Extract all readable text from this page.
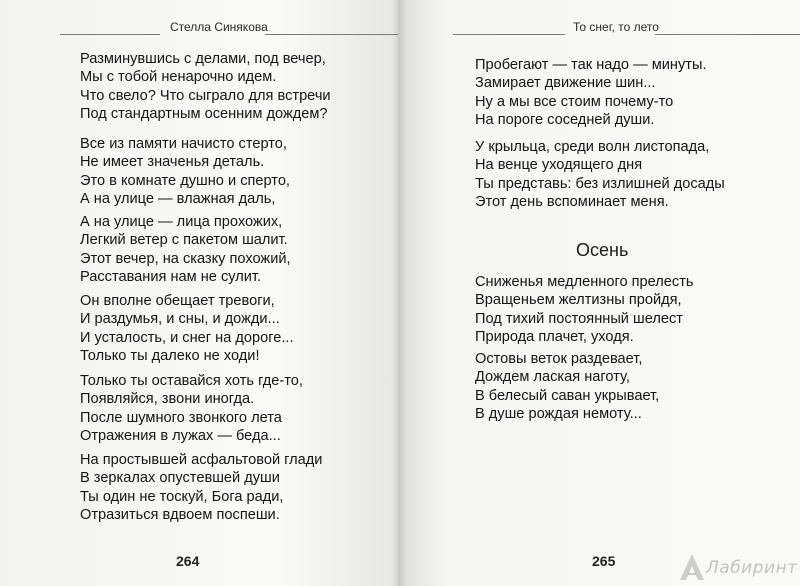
Стелла Синякова
Разминувшись с делами, под вечер,
Мы с тобой ненарочно идем.
Что свело? Что сыграло для встречи
Под стандартным осенним дождем?
Все из памяти начисто стерто,
Не имеет значенья деталь.
Это в комнате душно и сперто,
А на улице — влажная даль,
А на улице — лица прохожих,
Легкий ветер с пакетом шалит.
Этот вечер, на сказку похожий,
Расставания нам не сулит.
Он вполне обещает тревоги,
И раздумья, и сны, и дожди...
И усталость, и снег на дороге...
Только ты далеко не ходи!
Только ты оставайся хоть где-то,
Появляйся, звони иногда.
После шумного звонкого лета
Отражения в лужах — беда...
На простывшей асфальтовой глади
В зеркалах опустевшей души
Ты один не тоскуй, Бога ради,
Отразиться вдвоем поспеши.
264
То снег, то лето
Пробегают — так надо — минуты.
Замирает движение шин...
Ну а мы все стоим почему-то
На пороге соседней души.
У крыльца, среди волн листопада,
На венце уходящего дня
Ты представь: без излишней досады
Этот день вспоминает меня.
Осень
Сниженья медленного прелесть
Вращеньем желтизны пройдя,
Под тихий постоянный шелест
Природа плачет, уходя.
Остовы веток раздевает,
Дождем лаская наготу,
В белесый саван укрывает,
В душе рождая немоту...
265	Лабиринт
